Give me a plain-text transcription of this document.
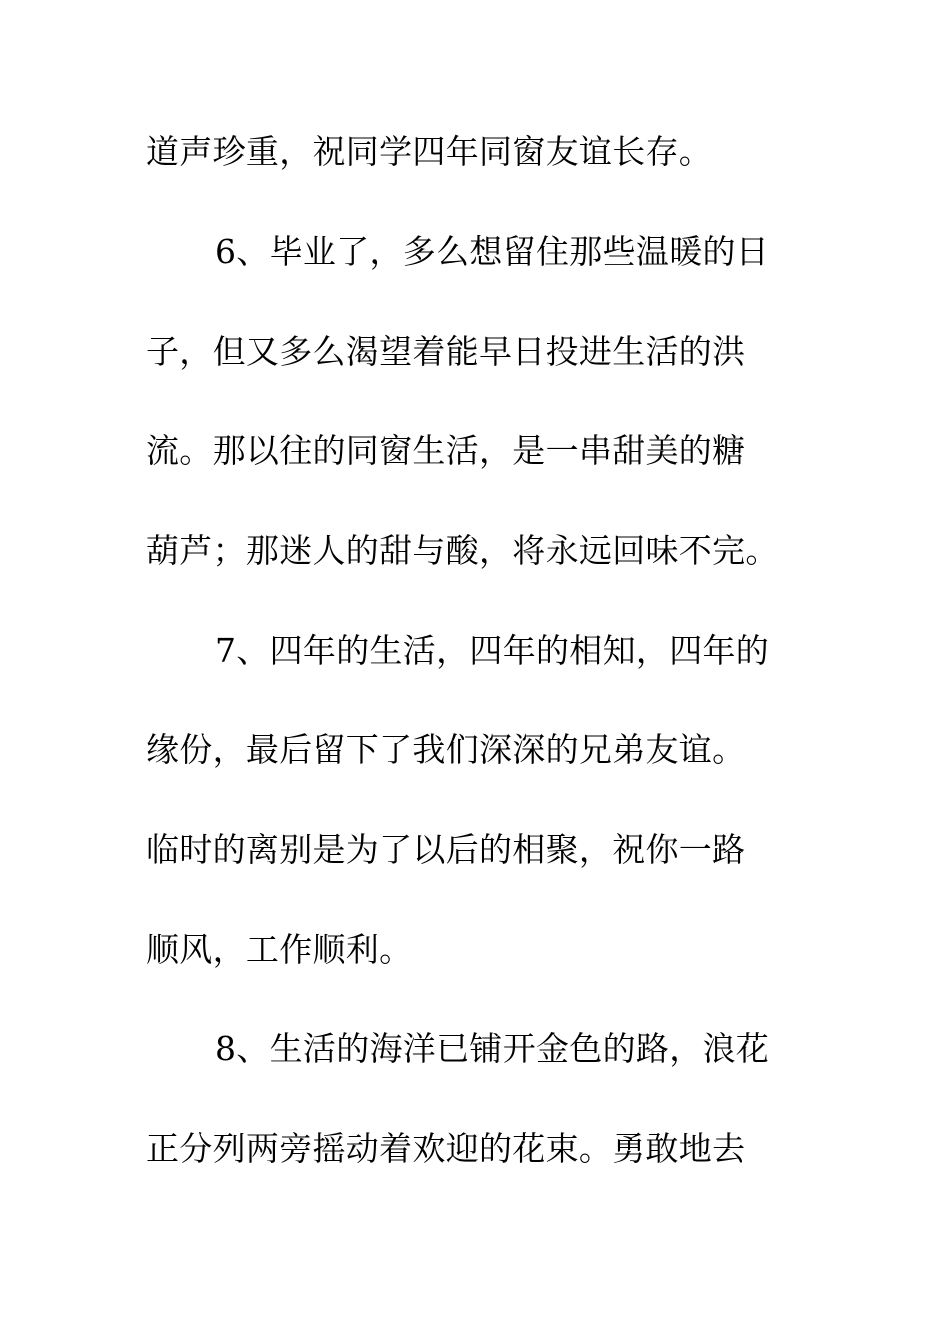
道声珍重，祝同学四年同窗友谊长存。
6、毕业了，多么想留住那些温暖的日
子，但又多么渴望着能早日投进生活的洪
流。那以往的同窗生活，是一串甜美的糖
葫芦；那迷人的甜与酸，将永远回味不完。
7、四年的生活，四年的相知，四年的
缘份，最后留下了我们深深的兄弟友谊。
临时的离别是为了以后的相聚，祝你一路
顺风，工作顺利。
8、生活的海洋已铺开金色的路，浪花
正分列两旁摇动着欢迎的花束。勇敢地去
